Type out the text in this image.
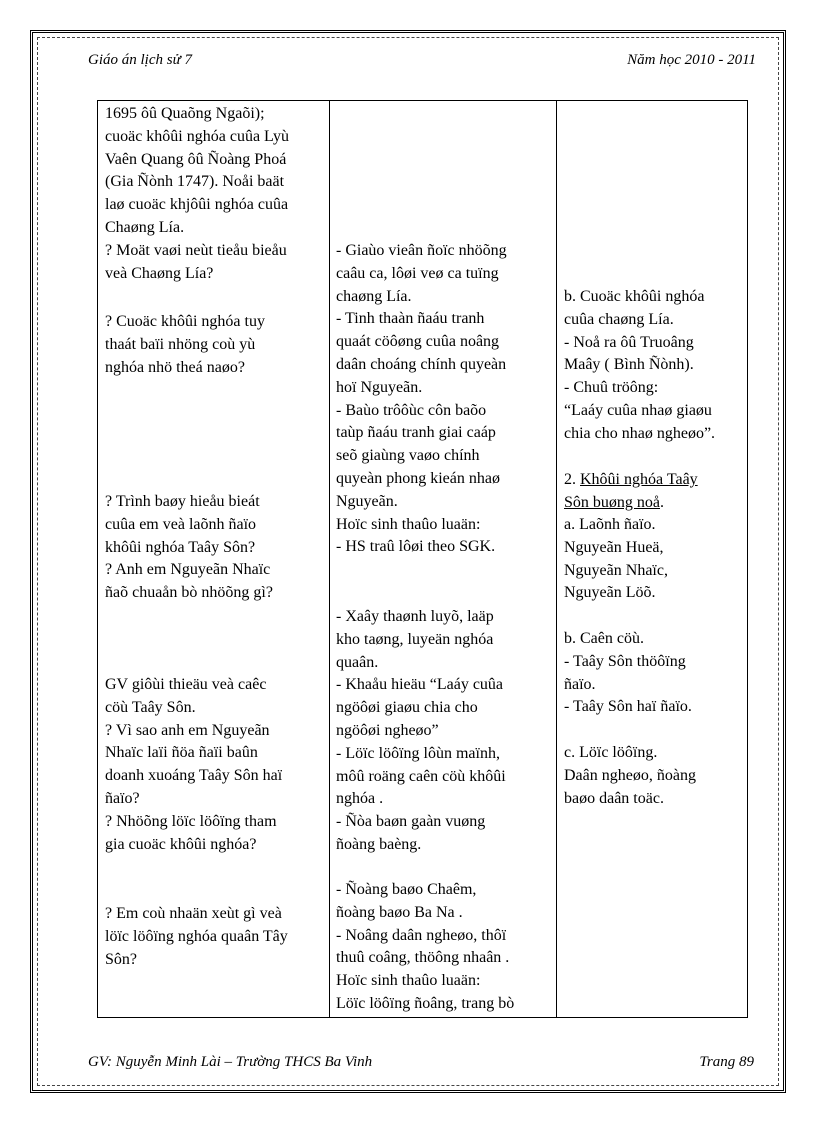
Giáo án lịch sử 7	Năm học 2010 - 2011
1695 ôû Quaõng Ngaõi);
cuoäc khôûi nghóa cuûa Lyù
Vaên Quang ôû Ñoàng Phoá
(Gia Ñònh 1747). Noåi baät
laø cuoäc khjôûi nghóa cuûa
Chaøng Lía.
? Moät vaøi neùt tieåu bieåu
veà Chaøng Lía?
? Cuoäc khôûi nghóa tuy
thaát baïi nhöng coù yù
nghóa nhö theá naøo?
? Trình baøy hieåu bieát
cuûa em veà laõnh ñaïo
khôûi nghóa Taây Sôn?
? Anh em Nguyeãn Nhaïc
ñaõ chuaån bò nhöõng gì?
GV giôùi thieäu veà caêc
cöù Taây Sôn.
? Vì sao anh em Nguyeãn
Nhaïc laïi ñöa ñaïi baûn
doanh xuoáng Taây Sôn haï
ñaïo?
? Nhöõng löïc löôïng tham
gia cuoäc khôûi nghóa?
? Em coù nhaän xeùt gì veà
löïc löôïng nghóa quaân Tây
Sôn?
- Giaùo vieân ñoïc nhöõng
caâu ca, lôøi veø ca tuïng
chaøng Lía.
- Tinh thaàn ñaáu tranh
quaát cöôøng cuûa noâng
daân choáng chính quyeàn
hoï Nguyeãn.
- Baùo trôôùc côn baõo
taùp ñaáu tranh giai caáp
seõ giaùng vaøo chính
quyeàn phong kieán nhaø
Nguyeãn.
Hoïc sinh thaûo luaän:
- HS traû lôøi theo SGK.
- Xaây thaønh luyõ, laäp
kho taøng, luyeän nghóa
quaân.
- Khaåu hieäu “Laáy cuûa
ngöôøi giaøu chia cho
ngöôøi ngheøo”
- Löïc löôïng lôùn maïnh,
môû roäng caên cöù khôûi
nghóa .
- Ñòa baøn gaàn vuøng
ñoàng baèng.
- Ñoàng baøo Chaêm,
ñoàng baøo Ba Na .
- Noâng daân ngheøo, thôï
thuû coâng, thöông nhaân .
Hoïc sinh thaûo luaän:
Löïc löôïng ñoâng, trang bò
b. Cuoäc khôûi nghóa
cuûa chaøng Lía.
- Noå ra ôû Truoâng
Maây ( Bình Ñònh).
- Chuû tröông:
“Laáy cuûa nhaø giaøu
chia cho nhaø ngheøo”.
2. Khôûi nghóa Taây
Sôn buøng noå.
a. Laõnh ñaïo.
Nguyeãn Hueä,
Nguyeãn Nhaïc,
Nguyeãn Löõ.
b. Caên cöù.
- Taây Sôn thöôïng
ñaïo.
- Taây Sôn haï ñaïo.
c. Löïc löôïng.
Daân ngheøo, ñoàng
baøo daân toäc.
GV: Nguyễn Minh Lài – Trường THCS Ba Vinh	Trang 89
